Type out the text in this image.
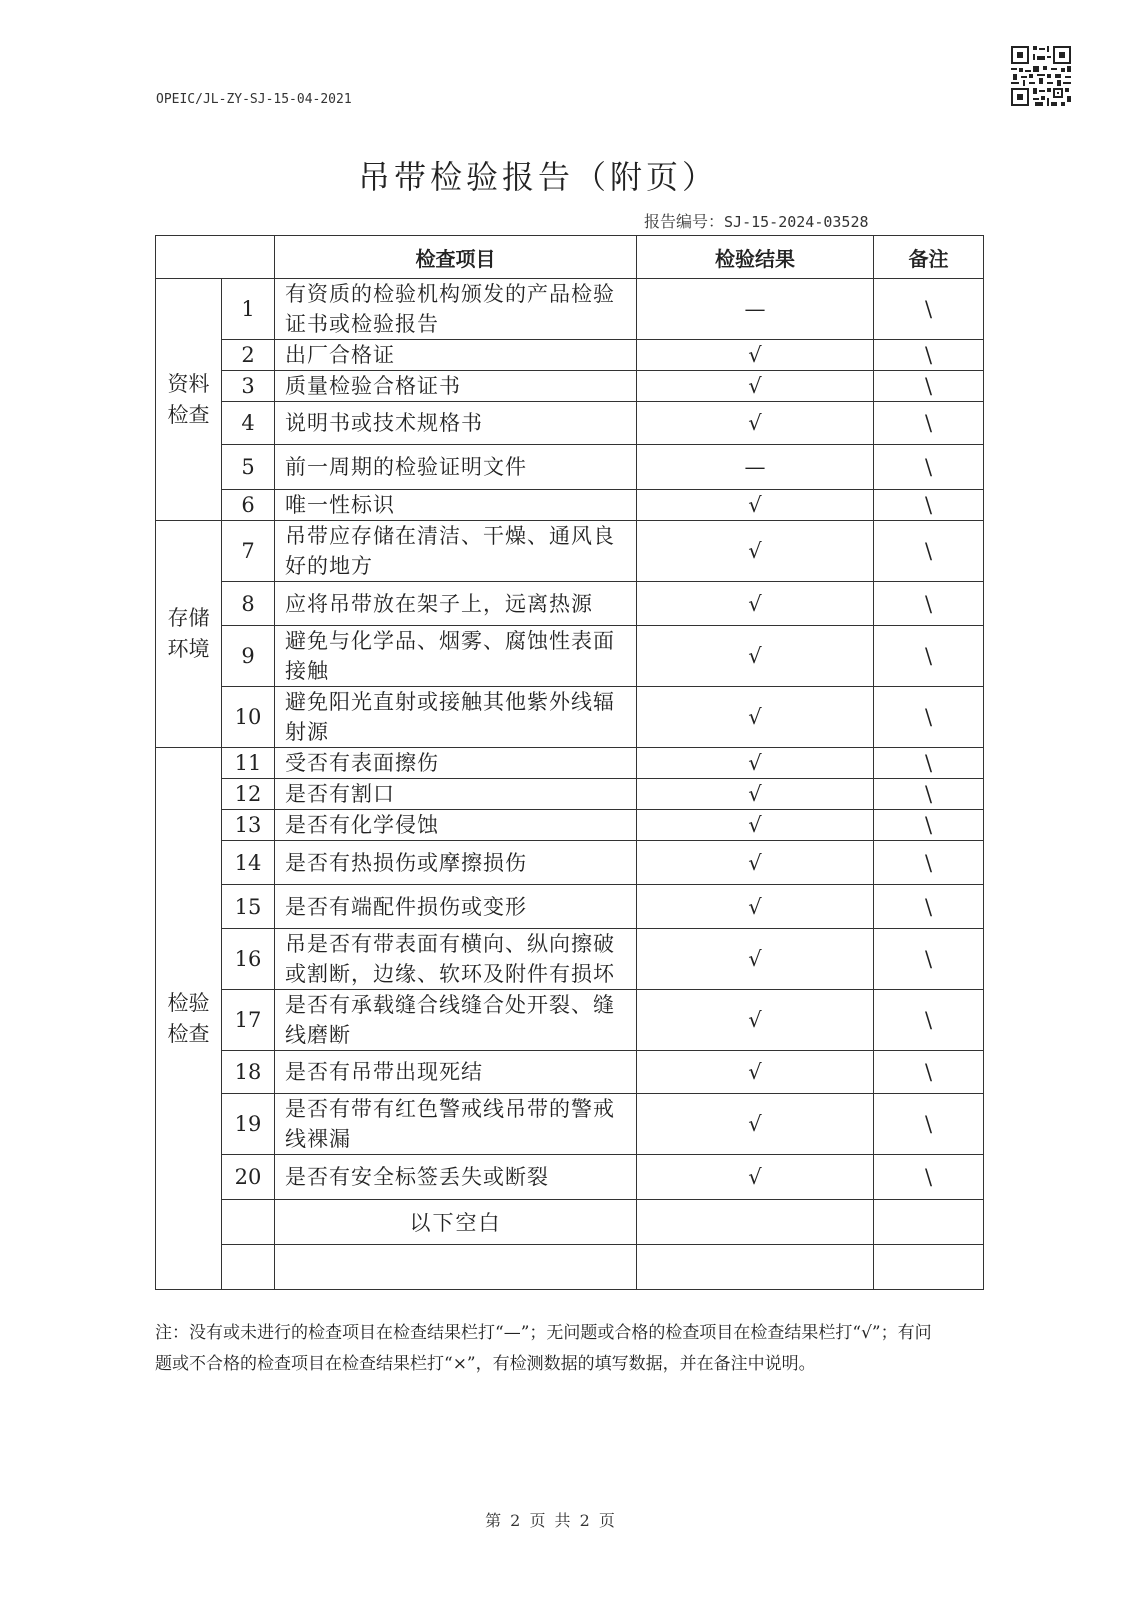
OPEIC/JL-ZY-SJ-15-04-2021
吊带检验报告（附页）
报告编号：SJ-15-2024-03528
		检查项目	检验结果	备注

资料
检查	1	有资质的检验机构颁发的产品检验证书或检验报告	—	\
	2	出厂合格证	√	\
	3	质量检验合格证书	√	\
	4	说明书或技术规格书	√	\
	5	前一周期的检验证明文件	—	\
	6	唯一性标识	√	\

存储
环境	7	吊带应存储在清洁、干燥、通风良好的地方	√	\
	8	应将吊带放在架子上，远离热源	√	\
	9	避免与化学品、烟雾、腐蚀性表面接触	√	\
	10	避免阳光直射或接触其他紫外线辐射源	√	\

检验
检查	11	受否有表面擦伤	√	\
	12	是否有割口	√	\
	13	是否有化学侵蚀	√	\
	14	是否有热损伤或摩擦损伤	√	\
	15	是否有端配件损伤或变形	√	\
	16	吊是否有带表面有横向、纵向擦破或割断，边缘、软环及附件有损坏	√	\
	17	是否有承载缝合线缝合处开裂、缝线磨断	√	\
	18	是否有吊带出现死结	√	\
	19	是否有带有红色警戒线吊带的警戒线裸漏	√	\
	20	是否有安全标签丢失或断裂	√	\
		以下空白		

注：没有或未进行的检查项目在检查结果栏打“—”；无问题或合格的检查项目在检查结果栏打“√”；有问题或不合格的检查项目在检查结果栏打“×”，有检测数据的填写数据，并在备注中说明。
第 2 页 共 2 页
